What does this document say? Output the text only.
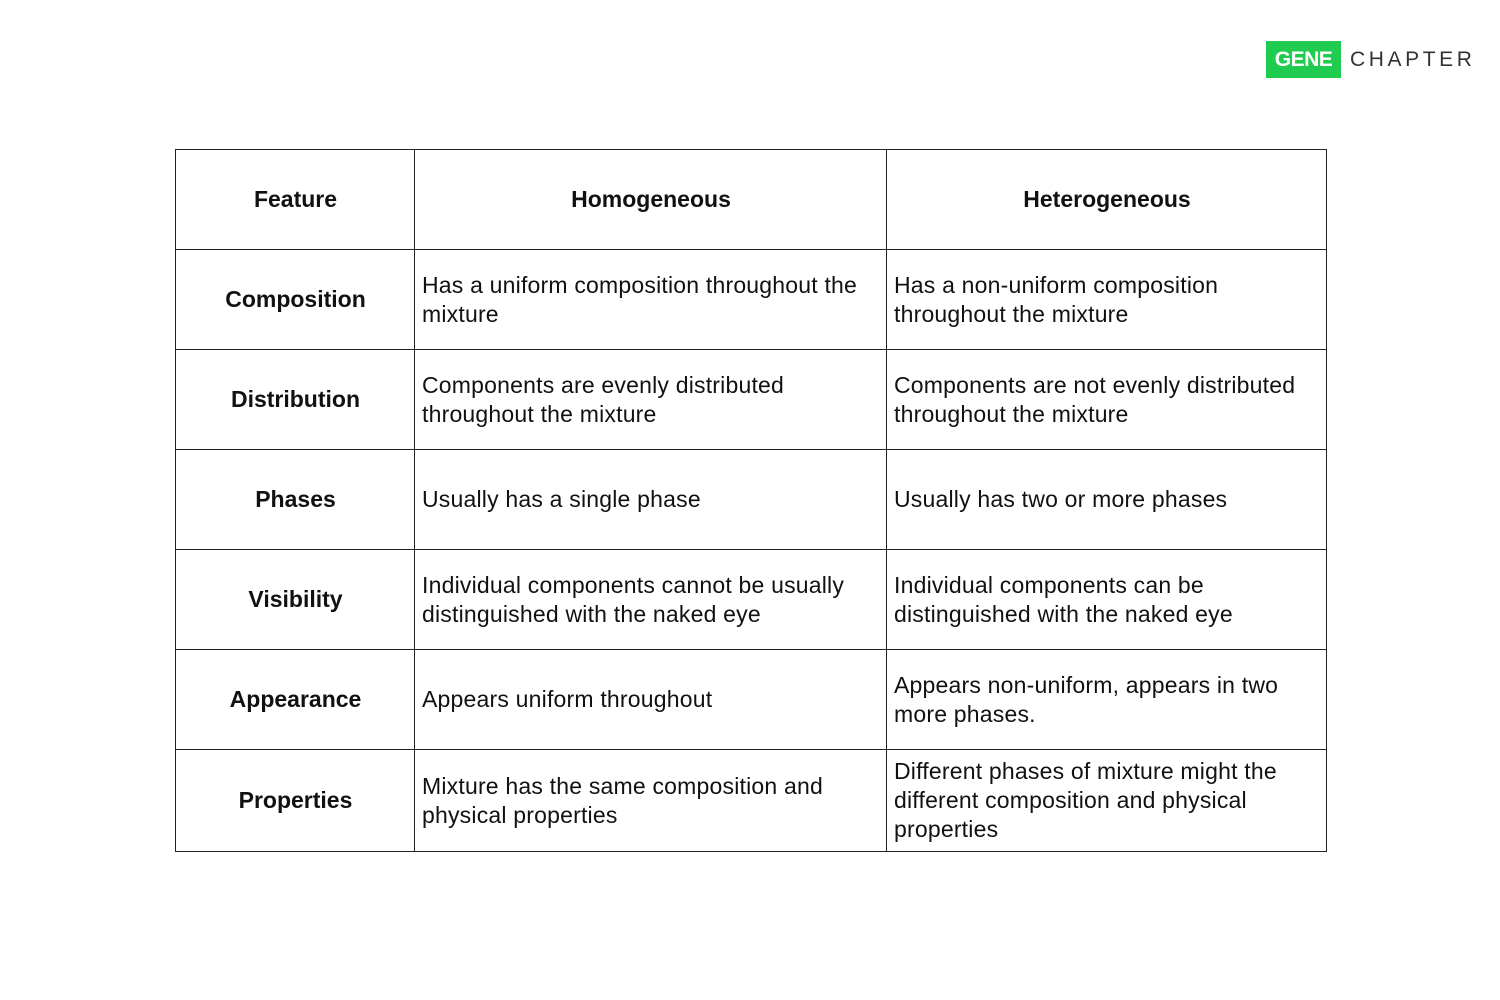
GENE CHAPTER
Feature	Homogeneous	Heterogeneous
Composition	Has a uniform composition throughout the mixture	Has a non-uniform composition throughout the mixture
Distribution	Components are evenly distributed throughout the mixture	Components are not evenly distributed throughout the mixture
Phases	Usually has a single phase	Usually has two or more phases
Visibility	Individual components cannot be usually distinguished with the naked eye	Individual components can be distinguished with the naked eye
Appearance	Appears uniform throughout	Appears non-uniform, appears in two more phases.
Properties	Mixture has the same composition and physical properties	Different phases of mixture might the different composition and physical properties
